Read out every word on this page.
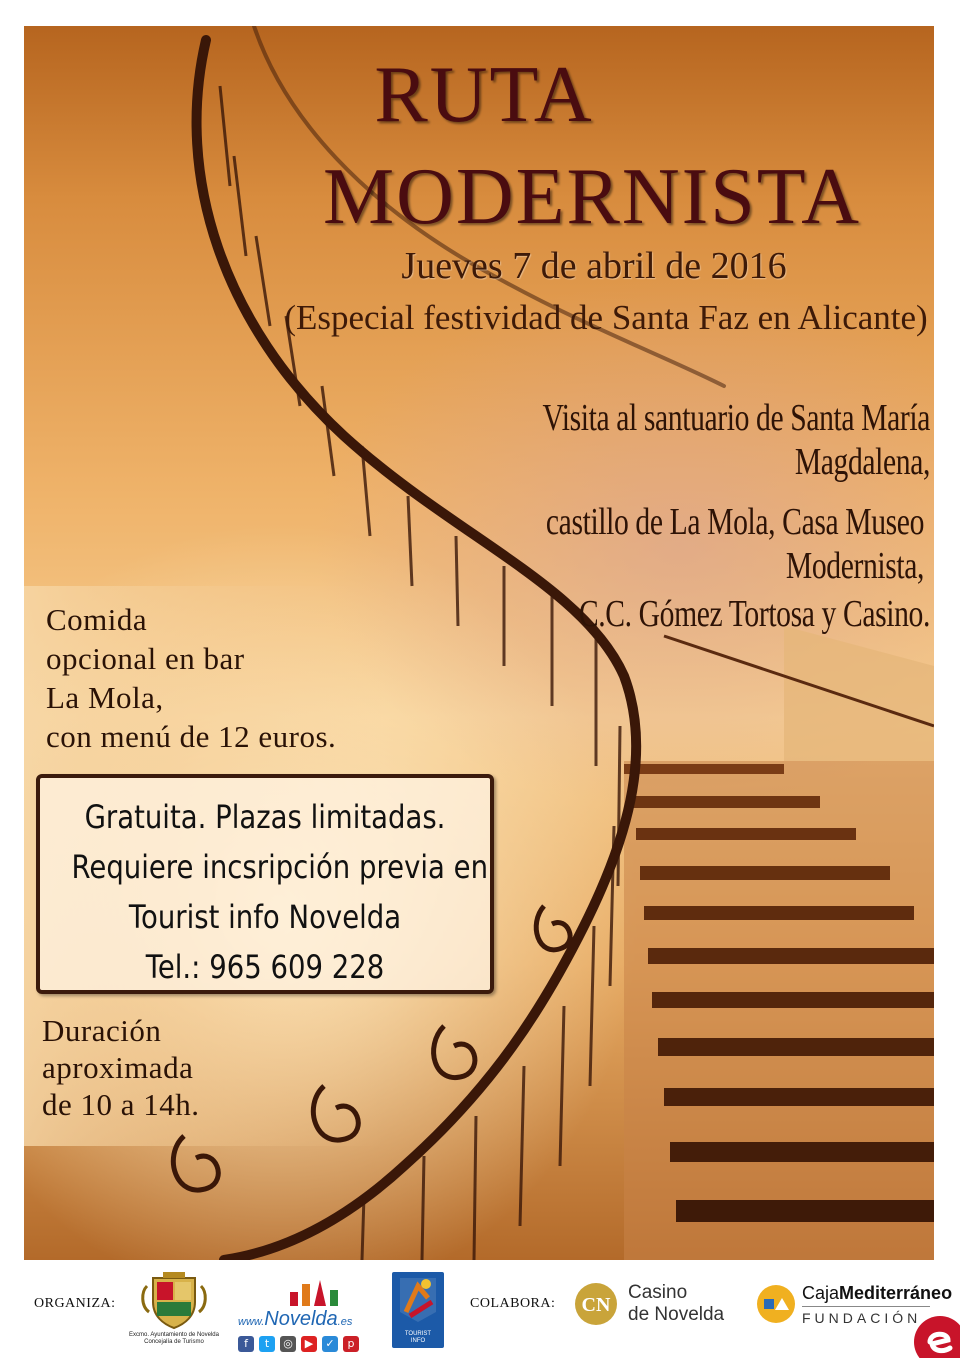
RUTA
MODERNISTA
Jueves 7 de abril de 2016
(Especial festividad de Santa Faz en Alicante)
Visita al santuario de Santa María Magdalena,
castillo de La Mola, Casa Museo Modernista,
C.C. Gómez Tortosa y Casino.
Comida
opcional en bar
La Mola,
con menú de 12 euros.
Gratuita. Plazas limitadas.
Requiere incsripción previa en
Tourist info Novelda
Tel.: 965 609 228
Duración
aproximada
de 10 a 14h.
ORGANIZA:
Excmo. Ayuntamiento de Novelda
Concejalía de Turismo
www.Novelda.es
f	t	◎	▶	✓	p
TOURIST
INFO
COLABORA: CN
Casino
de Novelda
CajaMediterráneo
FUNDACIÓN
